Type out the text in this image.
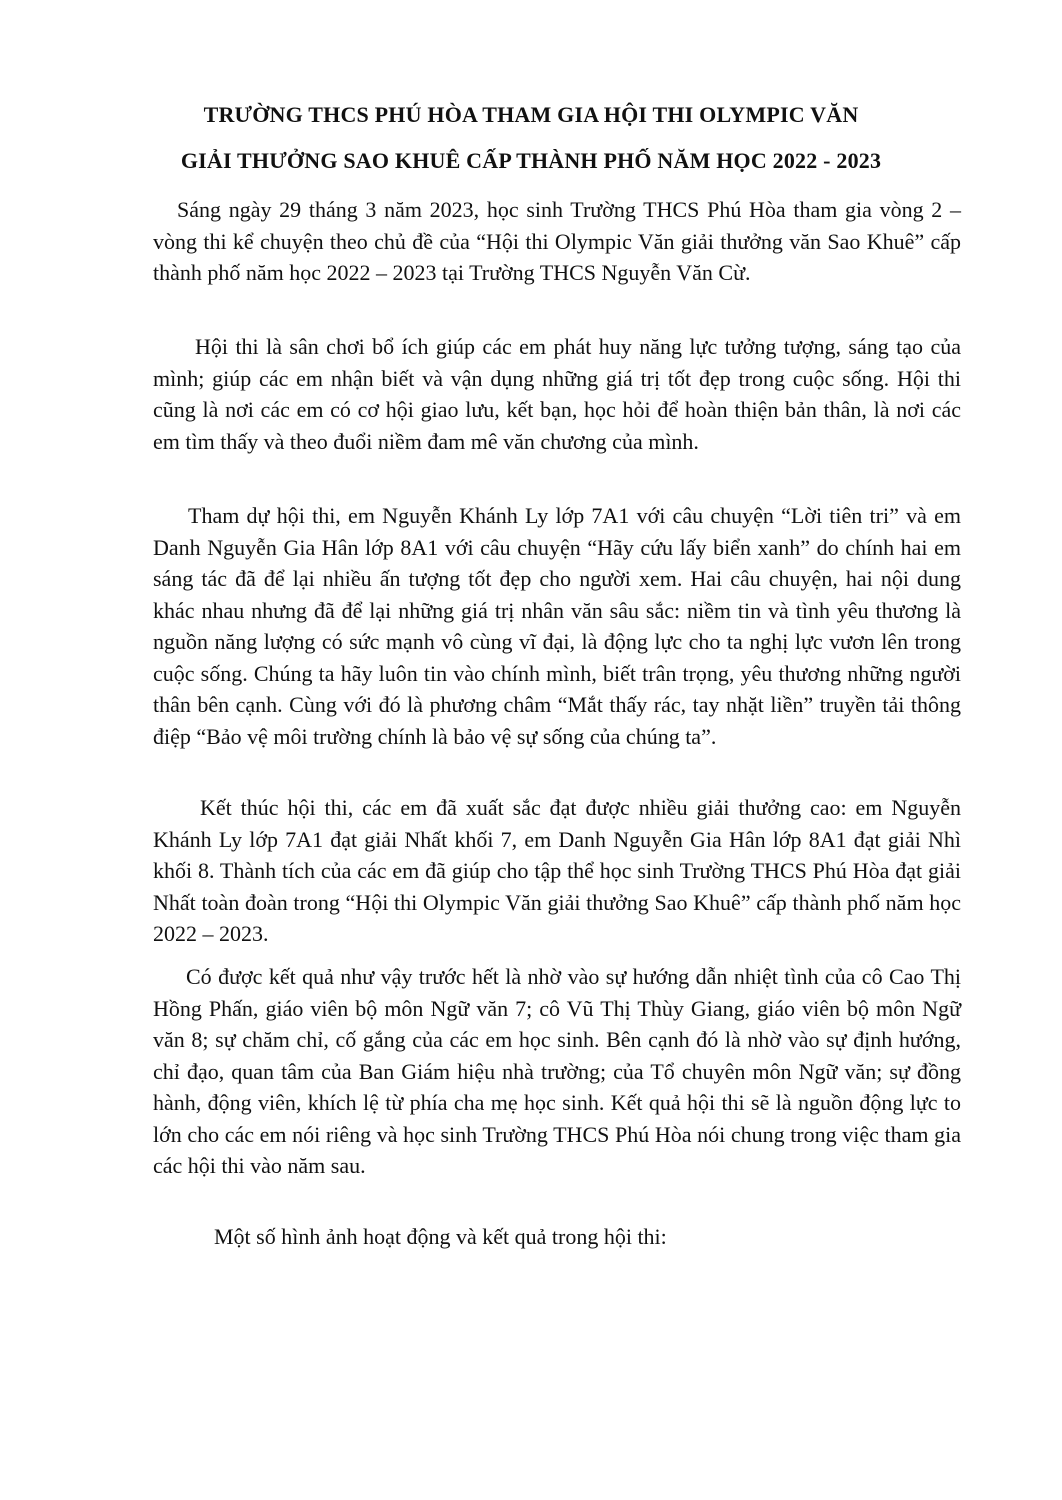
TRƯỜNG THCS PHÚ HÒA THAM GIA HỘI THI OLYMPIC VĂN
GIẢI THƯỞNG SAO KHUÊ CẤP THÀNH PHỐ NĂM HỌC 2022 - 2023

Sáng ngày 29 tháng 3 năm 2023, học sinh Trường THCS Phú Hòa tham gia vòng 2 – vòng thi kể chuyện theo chủ đề của “Hội thi Olympic Văn giải thưởng văn Sao Khuê” cấp thành phố năm học 2022 – 2023 tại Trường THCS Nguyễn Văn Cừ.

Hội thi là sân chơi bổ ích giúp các em phát huy năng lực tưởng tượng, sáng tạo của mình; giúp các em nhận biết và vận dụng những giá trị tốt đẹp trong cuộc sống. Hội thi cũng là nơi các em có cơ hội giao lưu, kết bạn, học hỏi để hoàn thiện bản thân, là nơi các em tìm thấy và theo đuổi niềm đam mê văn chương của mình.

Tham dự hội thi, em Nguyễn Khánh Ly lớp 7A1 với câu chuyện “Lời tiên tri” và em Danh Nguyễn Gia Hân lớp 8A1 với câu chuyện “Hãy cứu lấy biển xanh” do chính hai em sáng tác đã để lại nhiều ấn tượng tốt đẹp cho người xem. Hai câu chuyện, hai nội dung khác nhau nhưng đã để lại những giá trị nhân văn sâu sắc: niềm tin và tình yêu thương là nguồn năng lượng có sức mạnh vô cùng vĩ đại, là động lực cho ta nghị lực vươn lên trong cuộc sống. Chúng ta hãy luôn tin vào chính mình, biết trân trọng, yêu thương những người thân bên cạnh. Cùng với đó là phương châm “Mắt thấy rác, tay nhặt liền” truyền tải thông điệp “Bảo vệ môi trường chính là bảo vệ sự sống của chúng ta”.

Kết thúc hội thi, các em đã xuất sắc đạt được nhiều giải thưởng cao: em Nguyễn Khánh Ly lớp 7A1 đạt giải Nhất khối 7, em Danh Nguyễn Gia Hân lớp 8A1 đạt giải Nhì khối 8. Thành tích của các em đã giúp cho tập thể học sinh Trường THCS Phú Hòa đạt giải Nhất toàn đoàn trong “Hội thi Olympic Văn giải thưởng Sao Khuê” cấp thành phố năm học 2022 – 2023.

Có được kết quả như vậy trước hết là nhờ vào sự hướng dẫn nhiệt tình của cô Cao Thị Hồng Phấn, giáo viên bộ môn Ngữ văn 7; cô Vũ Thị Thùy Giang, giáo viên bộ môn Ngữ văn 8; sự chăm chỉ, cố gắng của các em học sinh. Bên cạnh đó là nhờ vào sự định hướng, chỉ đạo, quan tâm của Ban Giám hiệu nhà trường; của Tổ chuyên môn Ngữ văn; sự đồng hành, động viên, khích lệ từ phía cha mẹ học sinh. Kết quả hội thi sẽ là nguồn động lực to lớn cho các em nói riêng và học sinh Trường THCS Phú Hòa nói chung trong việc tham gia các hội thi vào năm sau.

Một số hình ảnh hoạt động và kết quả trong hội thi:
